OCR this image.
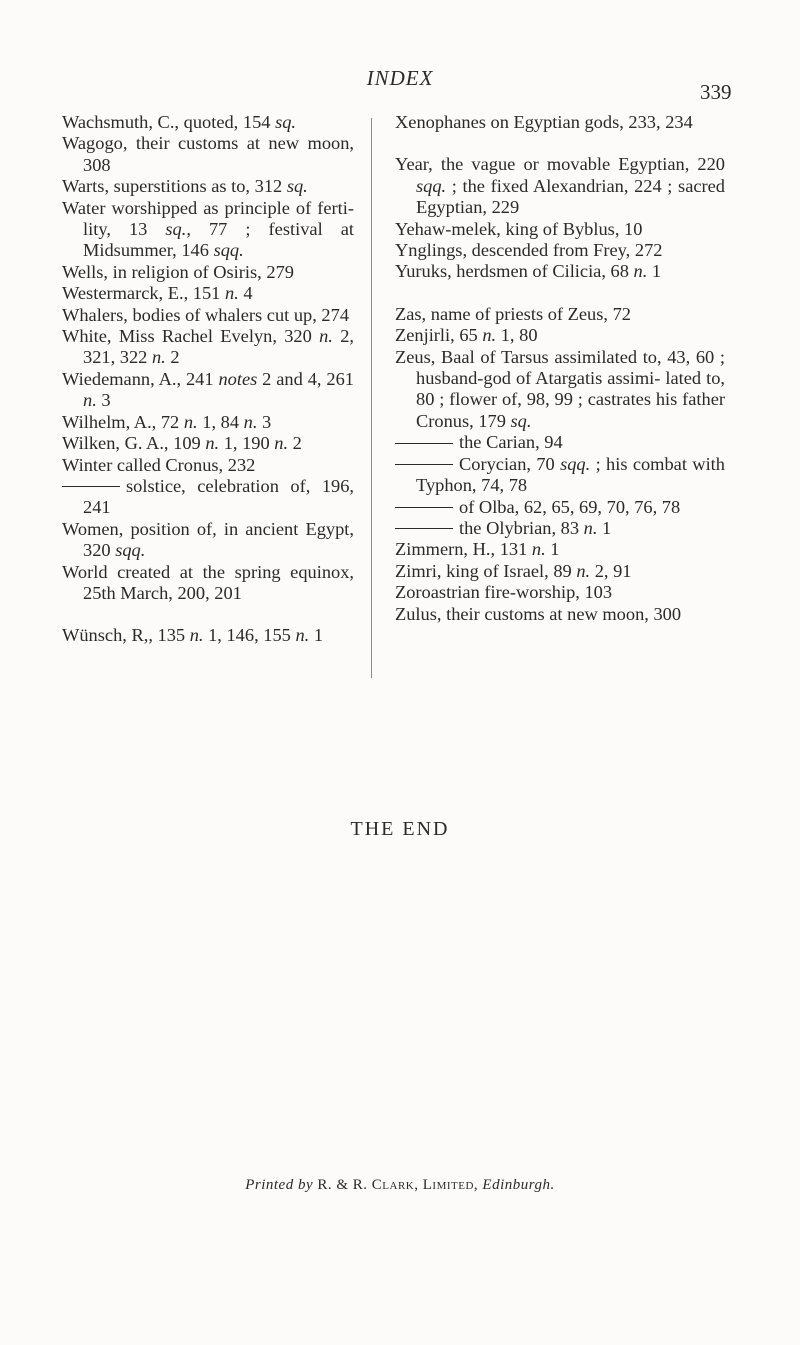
INDEX
339
Wachsmuth, C., quoted, 154 sq.
Wagogo, their customs at new moon, 308
Warts, superstitions as to, 312 sq.
Water worshipped as principle of ferti- lity, 13 sq., 77 ; festival at Midsummer, 146 sqq.
Wells, in religion of Osiris, 279
Westermarck, E., 151 n. 4
Whalers, bodies of whalers cut up, 274
White, Miss Rachel Evelyn, 320 n. 2, 321, 322 n. 2
Wiedemann, A., 241 notes 2 and 4, 261 n. 3
Wilhelm, A., 72 n. 1, 84 n. 3
Wilken, G. A., 109 n. 1, 190 n. 2
Winter called Cronus, 232
solstice, celebration of, 196, 241
Women, position of, in ancient Egypt, 320 sqq.
World created at the spring equinox, 25th March, 200, 201
Wünsch, R,, 135 n. 1, 146, 155 n. 1
Xenophanes on Egyptian gods, 233, 234
Year, the vague or movable Egyptian, 220 sqq. ; the fixed Alexandrian, 224 ; sacred Egyptian, 229
Yehaw-melek, king of Byblus, 10
Ynglings, descended from Frey, 272
Yuruks, herdsmen of Cilicia, 68 n. 1
Zas, name of priests of Zeus, 72
Zenjirli, 65 n. 1, 80
Zeus, Baal of Tarsus assimilated to, 43, 60 ; husband-god of Atargatis assimi- lated to, 80 ; flower of, 98, 99 ; castrates his father Cronus, 179 sq.
the Carian, 94
Corycian, 70 sqq. ; his combat with Typhon, 74, 78
of Olba, 62, 65, 69, 70, 76, 78
the Olybrian, 83 n. 1
Zimmern, H., 131 n. 1
Zimri, king of Israel, 89 n. 2, 91
Zoroastrian fire-worship, 103
Zulus, their customs at new moon, 300
THE END
Printed by R. & R. Clark, Limited, Edinburgh.
